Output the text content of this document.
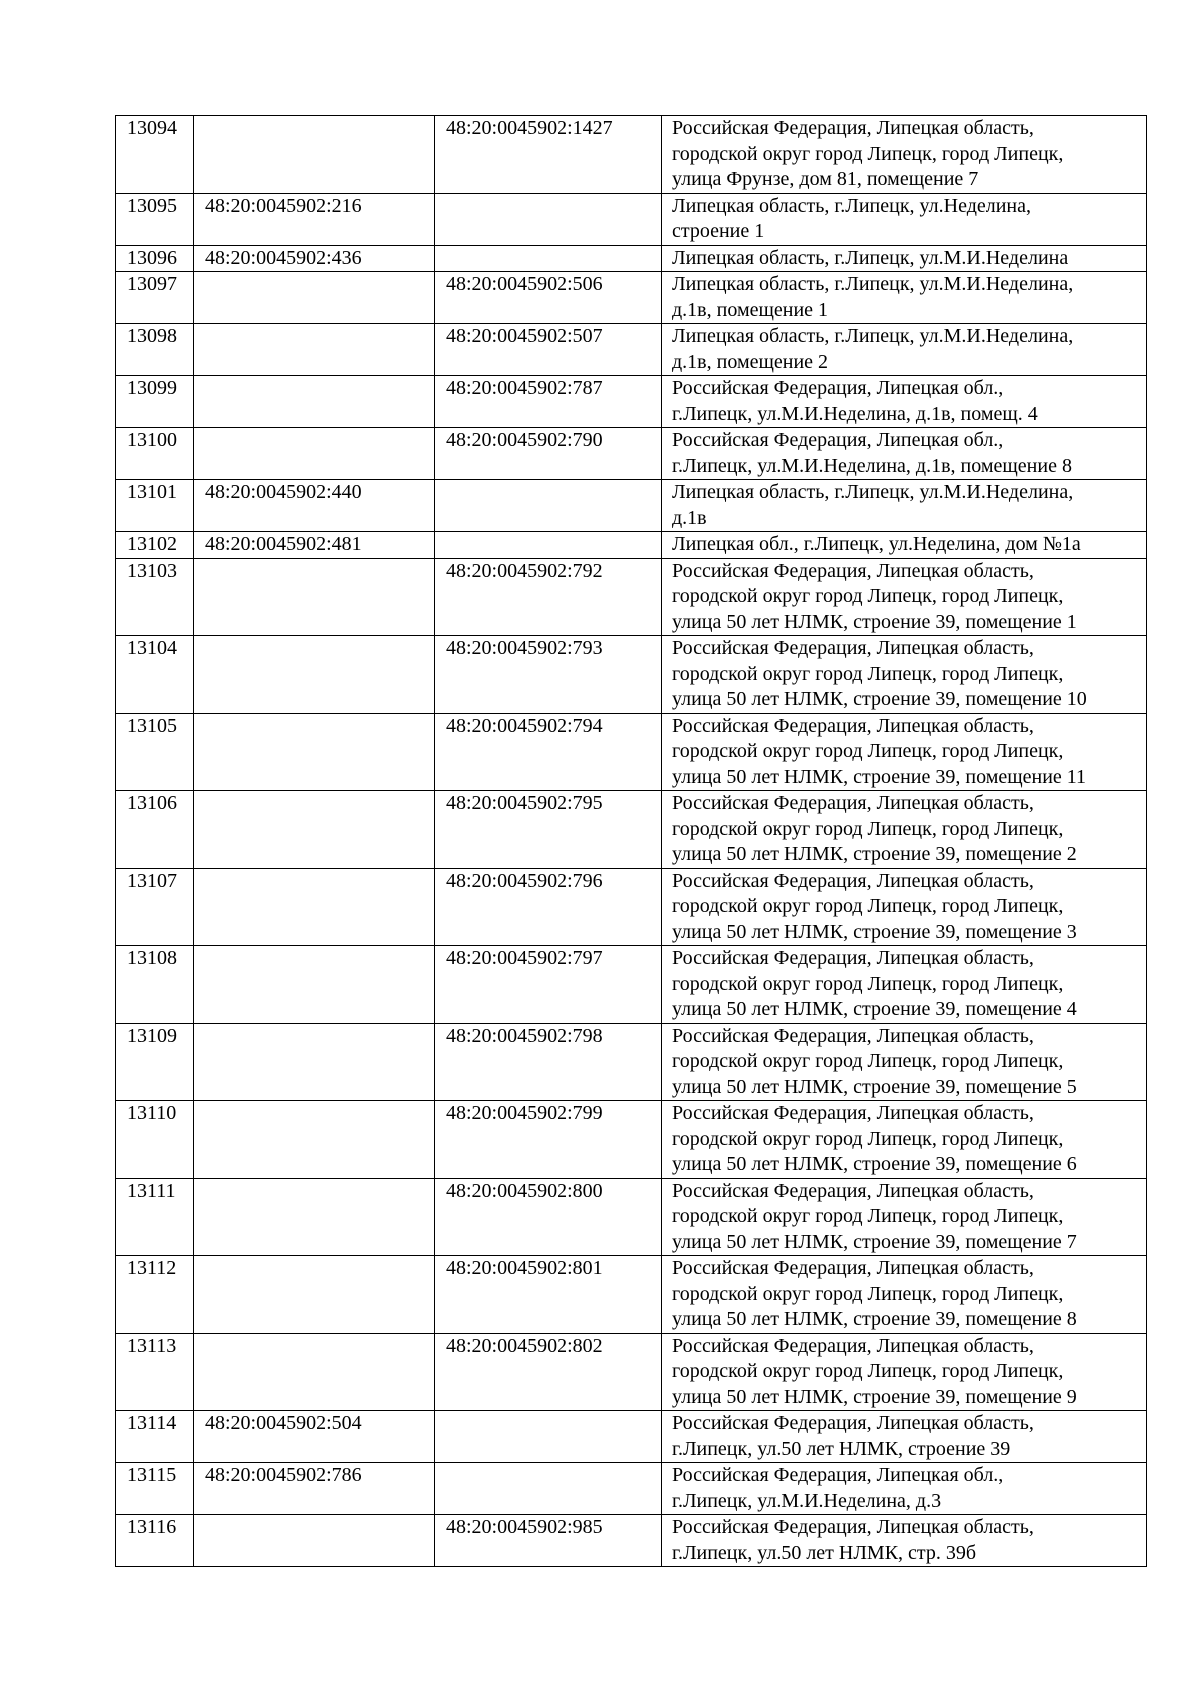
13094		48:20:0045902:1427	Российская Федерация, Липецкая область,
городской округ город Липецк, город Липецк,
улица Фрунзе, дом 81, помещение 7

13095	48:20:0045902:216		Липецкая область, г.Липецк, ул.Неделина,
строение 1

13096	48:20:0045902:436		Липецкая область, г.Липецк, ул.М.И.Неделина

13097		48:20:0045902:506	Липецкая область, г.Липецк, ул.М.И.Неделина,
д.1в, помещение 1

13098		48:20:0045902:507	Липецкая область, г.Липецк, ул.М.И.Неделина,
д.1в, помещение 2

13099		48:20:0045902:787	Российская Федерация, Липецкая обл.,
г.Липецк, ул.М.И.Неделина, д.1в, помещ. 4

13100		48:20:0045902:790	Российская Федерация, Липецкая обл.,
г.Липецк, ул.М.И.Неделина, д.1в, помещение 8

13101	48:20:0045902:440		Липецкая область, г.Липецк, ул.М.И.Неделина,
д.1в

13102	48:20:0045902:481		Липецкая обл., г.Липецк, ул.Неделина, дом №1а

13103		48:20:0045902:792	Российская Федерация, Липецкая область,
городской округ город Липецк, город Липецк,
улица 50 лет НЛМК, строение 39, помещение 1

13104		48:20:0045902:793	Российская Федерация, Липецкая область,
городской округ город Липецк, город Липецк,
улица 50 лет НЛМК, строение 39, помещение 10

13105		48:20:0045902:794	Российская Федерация, Липецкая область,
городской округ город Липецк, город Липецк,
улица 50 лет НЛМК, строение 39, помещение 11

13106		48:20:0045902:795	Российская Федерация, Липецкая область,
городской округ город Липецк, город Липецк,
улица 50 лет НЛМК, строение 39, помещение 2

13107		48:20:0045902:796	Российская Федерация, Липецкая область,
городской округ город Липецк, город Липецк,
улица 50 лет НЛМК, строение 39, помещение 3

13108		48:20:0045902:797	Российская Федерация, Липецкая область,
городской округ город Липецк, город Липецк,
улица 50 лет НЛМК, строение 39, помещение 4

13109		48:20:0045902:798	Российская Федерация, Липецкая область,
городской округ город Липецк, город Липецк,
улица 50 лет НЛМК, строение 39, помещение 5

13110		48:20:0045902:799	Российская Федерация, Липецкая область,
городской округ город Липецк, город Липецк,
улица 50 лет НЛМК, строение 39, помещение 6

13111		48:20:0045902:800	Российская Федерация, Липецкая область,
городской округ город Липецк, город Липецк,
улица 50 лет НЛМК, строение 39, помещение 7

13112		48:20:0045902:801	Российская Федерация, Липецкая область,
городской округ город Липецк, город Липецк,
улица 50 лет НЛМК, строение 39, помещение 8

13113		48:20:0045902:802	Российская Федерация, Липецкая область,
городской округ город Липецк, город Липецк,
улица 50 лет НЛМК, строение 39, помещение 9

13114	48:20:0045902:504		Российская Федерация, Липецкая область,
г.Липецк, ул.50 лет НЛМК, строение 39

13115	48:20:0045902:786		Российская Федерация, Липецкая обл.,
г.Липецк, ул.М.И.Неделина, д.3

13116		48:20:0045902:985	Российская Федерация, Липецкая область,
г.Липецк, ул.50 лет НЛМК, стр. 39б
